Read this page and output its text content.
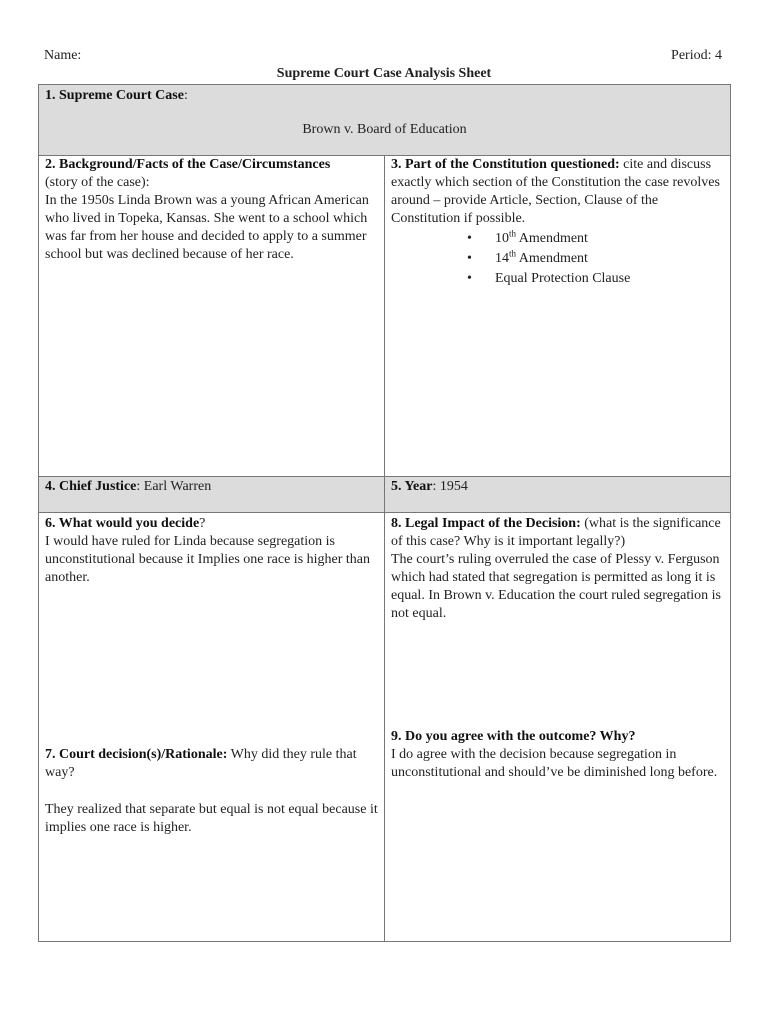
Name:	Period: 4
Supreme Court Case Analysis Sheet
1. Supreme Court Case:
Brown v. Board of Education
2. Background/Facts of the Case/Circumstances
(story of the case):
In the 1950s Linda Brown was a young African American who lived in Topeka, Kansas. She went to a school which was far from her house and decided to apply to a summer school but was declined because of her race.
3. Part of the Constitution questioned: cite and discuss exactly which section of the Constitution the case revolves around – provide Article, Section, Clause of the Constitution if possible.
• 10th Amendment
• 14th Amendment
• Equal Protection Clause
4. Chief Justice: Earl Warren	5. Year: 1954
6. What would you decide?
I would have ruled for Linda because segregation is unconstitutional because it Implies one race is higher than another.
7. Court decision(s)/Rationale: Why did they rule that way?
They realized that separate but equal is not equal because it implies one race is higher.
8. Legal Impact of the Decision: (what is the significance of this case? Why is it important legally?)
The court’s ruling overruled the case of Plessy v. Ferguson which had stated that segregation is permitted as long it is equal. In Brown v. Education the court ruled segregation is not equal.
9. Do you agree with the outcome? Why?
I do agree with the decision because segregation in unconstitutional and should’ve be diminished long before.
